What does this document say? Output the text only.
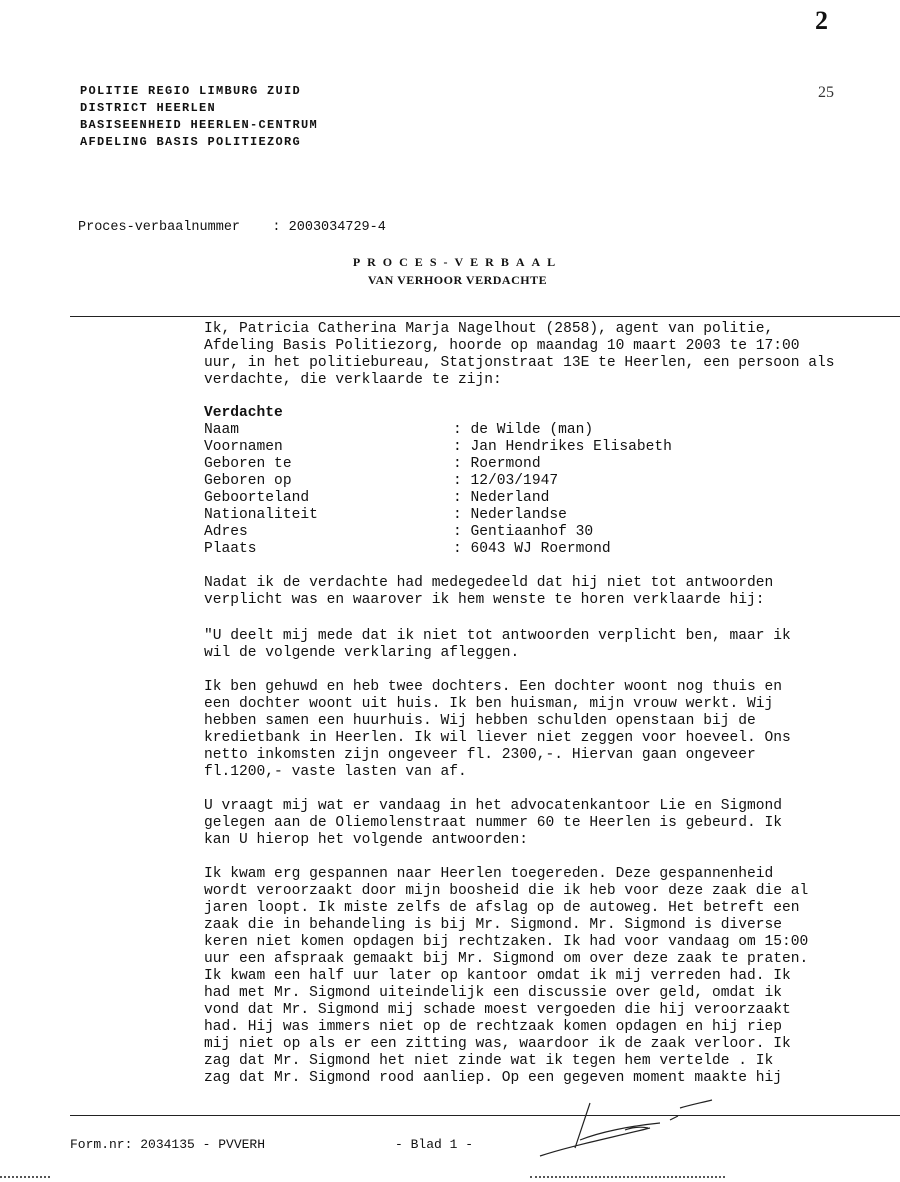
2
25
POLITIE REGIO LIMBURG ZUID
DISTRICT HEERLEN
BASISEENHEID HEERLEN-CENTRUM
AFDELING BASIS POLITIEZORG
Proces-verbaalnummer    : 2003034729-4
PROCES-VERBAAL
VAN VERHOOR VERDACHTE
Ik, Patricia Catherina Marja Nagelhout (2858), agent van politie,
Afdeling Basis Politiezorg, hoorde op maandag 10 maart 2003 te 17:00
uur, in het politiebureau, Statjonstraat 13E te Heerlen, een persoon als
verdachte, die verklaarde te zijn:
Verdachte
Naam	: de Wilde (man)
Voornamen	: Jan Hendrikes Elisabeth
Geboren te	: Roermond
Geboren op	: 12/03/1947
Geboorteland	: Nederland
Nationaliteit	: Nederlandse
Adres	: Gentiaanhof 30
Plaats	: 6043 WJ Roermond
Nadat ik de verdachte had medegedeeld dat hij niet tot antwoorden
verplicht was en waarover ik hem wenste te horen verklaarde hij:
"U deelt mij mede dat ik niet tot antwoorden verplicht ben, maar ik
wil de volgende verklaring afleggen.
Ik ben gehuwd en heb twee dochters. Een dochter woont nog thuis en
een dochter woont uit huis. Ik ben huisman, mijn vrouw werkt. Wij
hebben samen een huurhuis. Wij hebben schulden openstaan bij de
kredietbank in Heerlen. Ik wil liever niet zeggen voor hoeveel. Ons
netto inkomsten zijn ongeveer fl. 2300,-. Hiervan gaan ongeveer
fl.1200,- vaste lasten van af.
U vraagt mij wat er vandaag in het advocatenkantoor Lie en Sigmond
gelegen aan de Oliemolenstraat nummer 60 te Heerlen is gebeurd. Ik
kan U hierop het volgende antwoorden:
Ik kwam erg gespannen naar Heerlen toegereden. Deze gespannenheid
wordt veroorzaakt door mijn boosheid die ik heb voor deze zaak die al
jaren loopt. Ik miste zelfs de afslag op de autoweg. Het betreft een
zaak die in behandeling is bij Mr. Sigmond. Mr. Sigmond is diverse
keren niet komen opdagen bij rechtzaken. Ik had voor vandaag om 15:00
uur een afspraak gemaakt bij Mr. Sigmond om over deze zaak te praten.
Ik kwam een half uur later op kantoor omdat ik mij verreden had. Ik
had met Mr. Sigmond uiteindelijk een discussie over geld, omdat ik
vond dat Mr. Sigmond mij schade moest vergoeden die hij veroorzaakt
had. Hij was immers niet op de rechtzaak komen opdagen en hij riep
mij niet op als er een zitting was, waardoor ik de zaak verloor. Ik
zag dat Mr. Sigmond het niet zinde wat ik tegen hem vertelde . Ik
zag dat Mr. Sigmond rood aanliep. Op een gegeven moment maakte hij
Form.nr: 2034135 - PVVERH	- Blad 1 -
